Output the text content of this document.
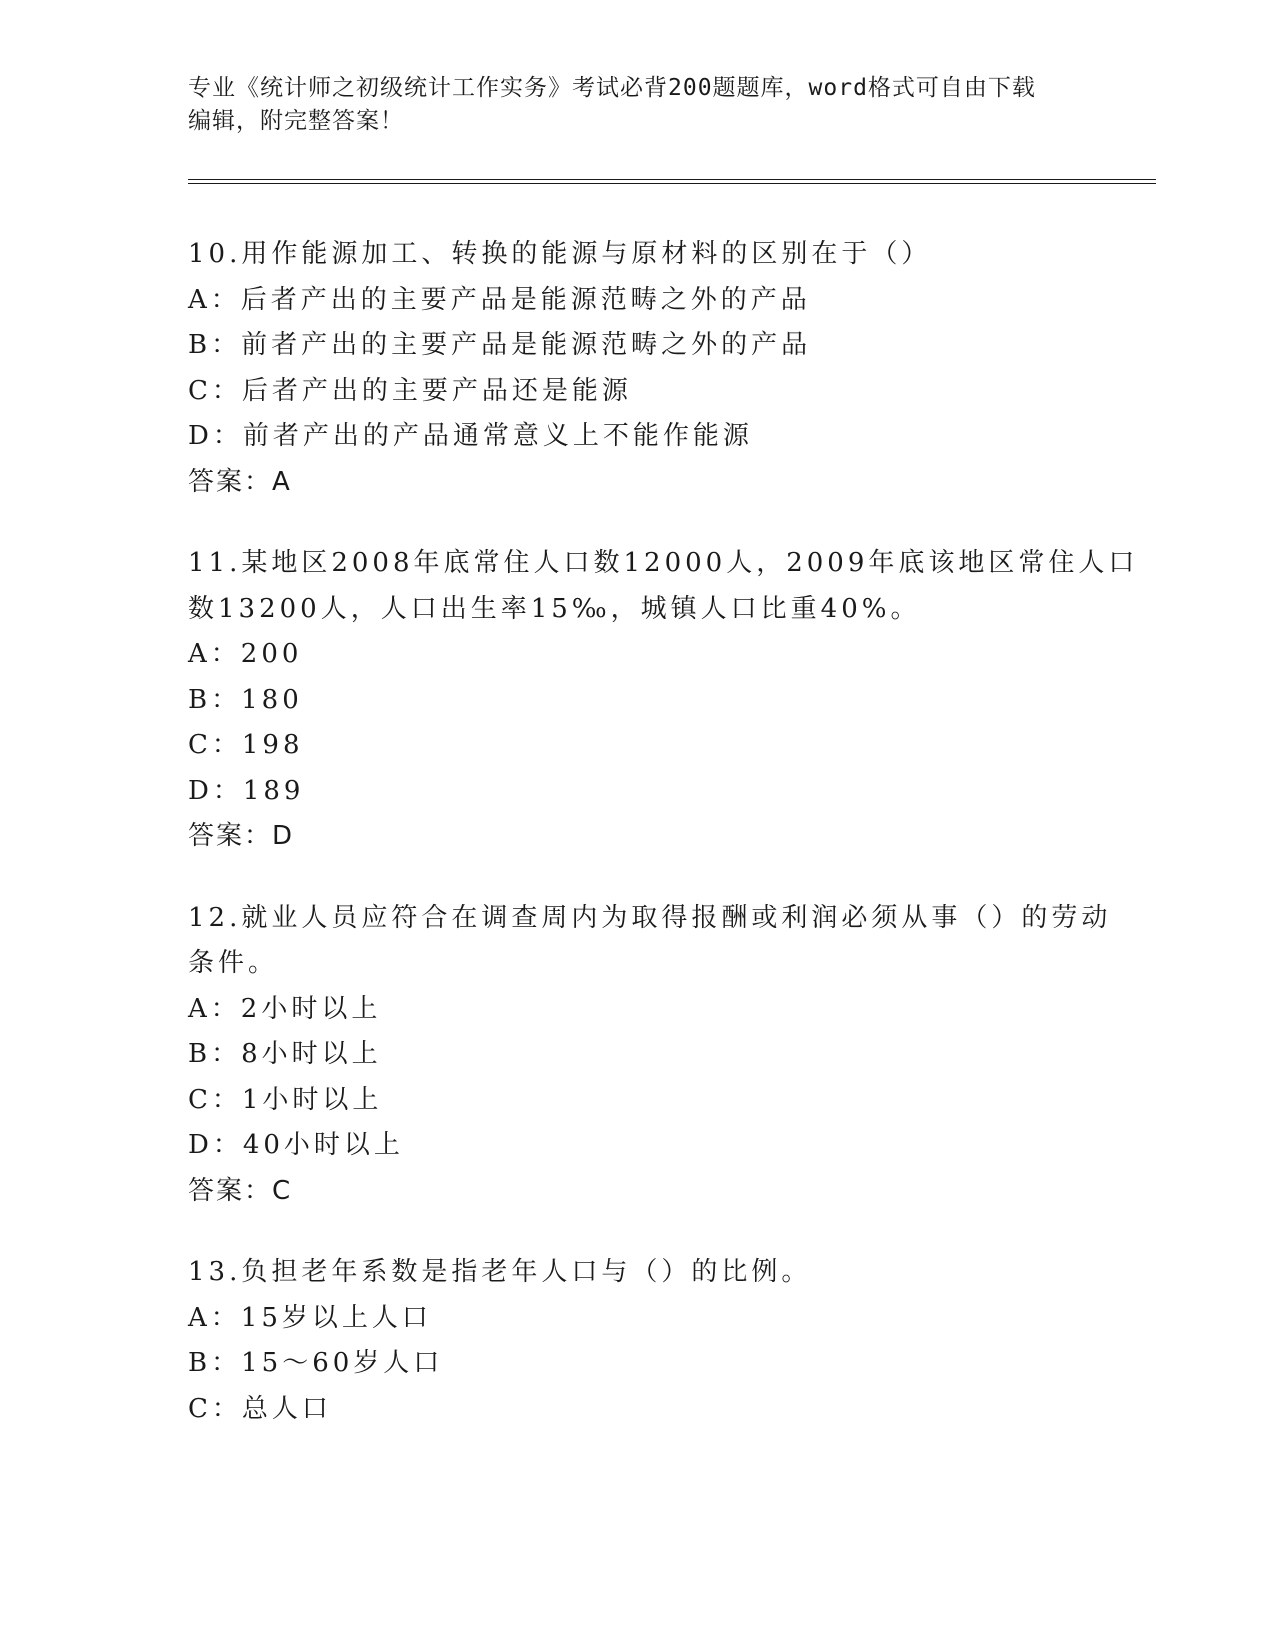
专业《统计师之初级统计工作实务》考试必背200题题库，word格式可自由下载
编辑，附完整答案！
10.用作能源加工、转换的能源与原材料的区别在于（）
A：后者产出的主要产品是能源范畴之外的产品
B：前者产出的主要产品是能源范畴之外的产品
C：后者产出的主要产品还是能源
D：前者产出的产品通常意义上不能作能源
答案：A
11.某地区2008年底常住人口数12000人，2009年底该地区常住人口
数13200人，人口出生率15‰，城镇人口比重40%。
A：200
B：180
C：198
D：189
答案：D
12.就业人员应符合在调查周内为取得报酬或利润必须从事（）的劳动
条件。
A：2小时以上
B：8小时以上
C：1小时以上
D：40小时以上
答案：C
13.负担老年系数是指老年人口与（）的比例。
A：15岁以上人口
B：15～60岁人口
C：总人口
